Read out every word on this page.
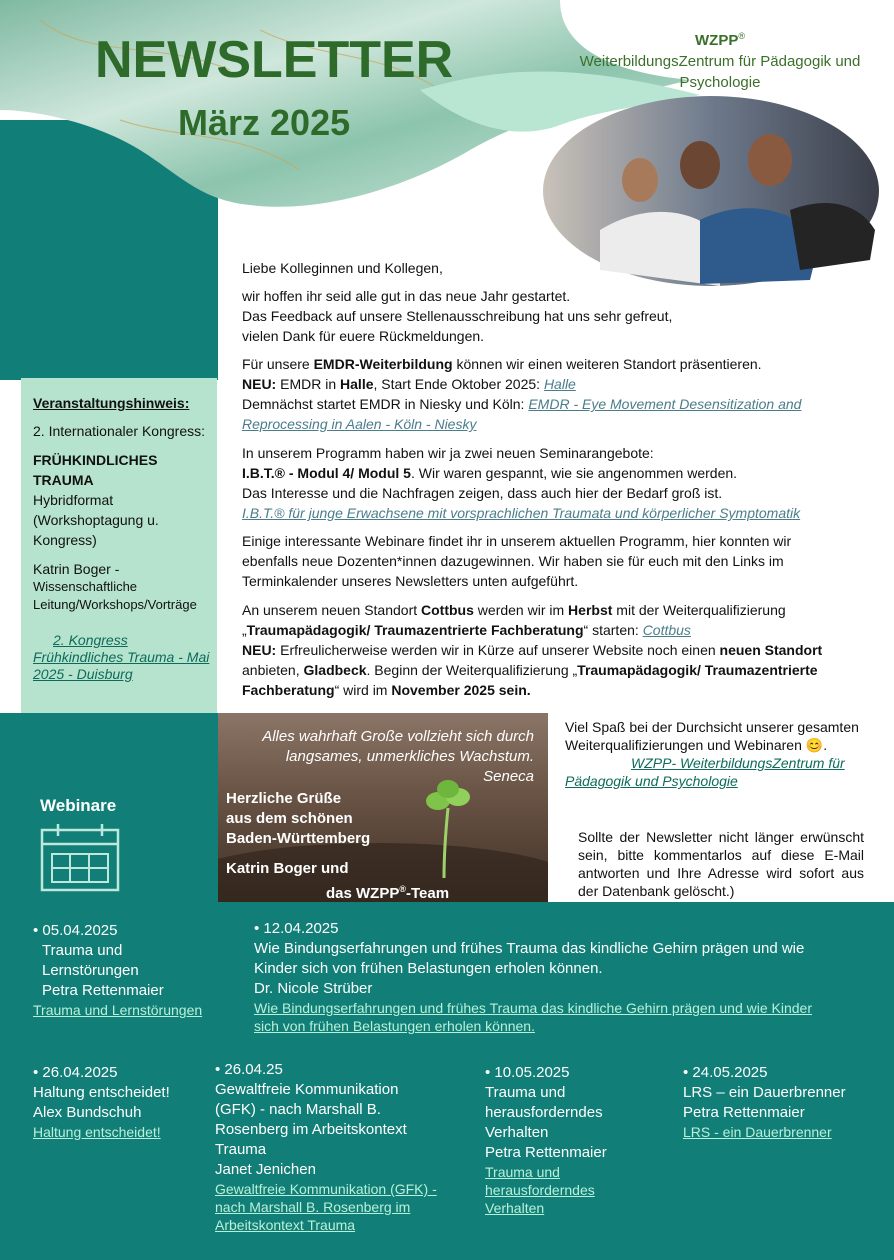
NEWSLETTER
März 2025
WZPP®
WeiterbildungsZentrum für Pädagogik und
Psychologie
Liebe Kolleginnen und Kollegen,
wir hoffen ihr seid alle gut in das neue Jahr gestartet.
Das Feedback auf unsere Stellenausschreibung hat uns sehr gefreut,
vielen Dank für euere Rückmeldungen.
Für unsere EMDR-Weiterbildung können wir einen weiteren Standort präsentieren.
NEU: EMDR in Halle, Start Ende Oktober 2025: Halle
Demnächst startet EMDR in Niesky und Köln: EMDR - Eye Movement Desensitization and
Reprocessing in Aalen - Köln - Niesky
In unserem Programm haben wir ja zwei neuen Seminarangebote:
I.B.T.® - Modul 4/ Modul 5. Wir waren gespannt, wie sie angenommen werden.
Das Interesse und die Nachfragen zeigen, dass auch hier der Bedarf groß ist.
I.B.T.® für junge Erwachsene mit vorsprachlichen Traumata und körperlicher Symptomatik
Einige interessante Webinare findet ihr in unserem aktuellen Programm, hier konnten wir
ebenfalls neue Dozenten*innen dazugewinnen. Wir haben sie für euch mit den Links im
Terminkalender unseres Newsletters unten aufgeführt.
An unserem neuen Standort Cottbus werden wir im Herbst mit der Weiterqualifizierung
„Traumapädagogik/ Traumazentrierte Fachberatung“ starten: Cottbus
NEU: Erfreulicherweise werden wir in Kürze auf unserer Website noch einen neuen Standort
anbieten, Gladbeck. Beginn der Weiterqualifizierung „Traumapädagogik/ Traumazentrierte
Fachberatung“ wird im November 2025 sein.
Veranstaltungshinweis:
2. Internationaler Kongress:
FRÜHKINDLICHES TRAUMA
Hybridformat (Workshoptagung u. Kongress)
Katrin Boger -
Wissenschaftliche Leitung/Workshops/Vorträge
2. Kongress Frühkindliches Trauma - Mai 2025 - Duisburg
Alles wahrhaft Große vollzieht sich durch
langsames, unmerkliches Wachstum.
Seneca
Herzliche Grüße
aus dem schönen
Baden-Württemberg
Katrin Boger und
das WZPP®-Team
Viel Spaß bei der Durchsicht unserer gesamten
Weiterqualifizierungen und Webinaren 😊.
WZPP- WeiterbildungsZentrum für Pädagogik und Psychologie
Sollte der Newsletter nicht länger erwünscht sein, bitte kommentarlos auf diese E-Mail antworten und Ihre Adresse wird sofort aus der Datenbank gelöscht.)
Webinare
• 05.04.2025
Trauma und
Lernstörungen
Petra Rettenmaier
Trauma und Lernstörungen
• 12.04.2025
Wie Bindungserfahrungen und frühes Trauma das kindliche Gehirn prägen und wie
Kinder sich von frühen Belastungen erholen können.
Dr. Nicole Strüber
Wie Bindungserfahrungen und frühes Trauma das kindliche Gehirn prägen und wie Kinder
sich von frühen Belastungen erholen können.
• 26.04.2025
Haltung entscheidet!
Alex Bundschuh
Haltung entscheidet!
• 26.04.25
Gewaltfreie Kommunikation
(GFK) - nach Marshall B.
Rosenberg im Arbeitskontext
Trauma
Janet Jenichen
Gewaltfreie Kommunikation (GFK) -
nach Marshall B. Rosenberg im
Arbeitskontext Trauma
• 10.05.2025
Trauma und
herausforderndes
Verhalten
Petra Rettenmaier
Trauma und
herausforderndes
Verhalten
• 24.05.2025
LRS – ein Dauerbrenner
Petra Rettenmaier
LRS - ein Dauerbrenner
